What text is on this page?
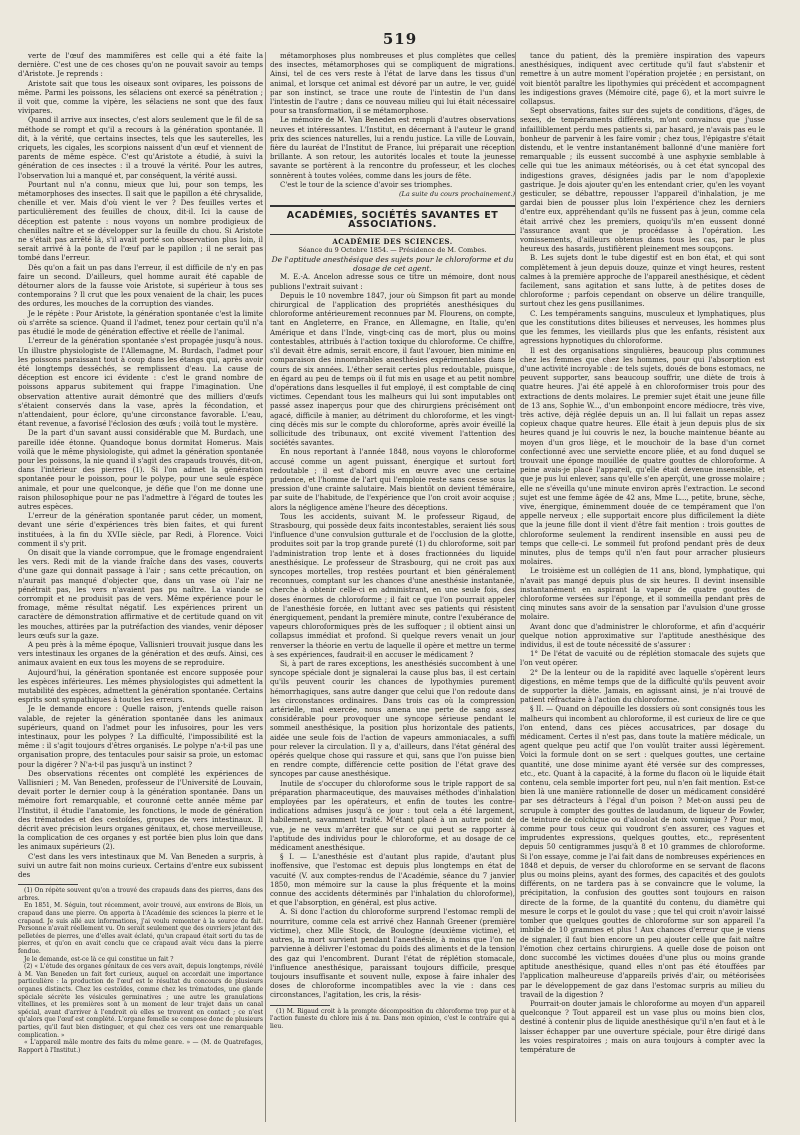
519

verte de l'œuf des mammifères est celle qui a été faite la dernière. C'est une de ces choses qu'on ne pouvait savoir au temps d'Aristote. Je reprends :

Aristote sait que tous les oiseaux sont ovipares, les poissons de même. Parmi les poissons, les sélaciens ont exercé sa pénétration ; il voit que, comme la vipère, les sélaciens ne sont que des faux vivipares.

Quand il arrive aux insectes, c'est alors seulement que le fil de sa méthode se rompt et qu'il a recours à la génération spontanée. Il dit, à la vérité, que certains insectes, tels que les sauterelles, les criquets, les cigales, les scorpions naissent d'un œuf et viennent de parents de même espèce. C'est qu'Aristote a étudié, à suivi la génération de ces insectes : il a trouvé la vérité. Pour les autres, l'observation lui a manqué et, par conséquent, la vérité aussi.

Pourtant nul n'a connu, mieux que lui, pour son temps, les métamorphoses des insectes. Il sait que le papillon a été chrysalide, chenille et ver. Mais d'où vient le ver ? Des feuilles vertes et particulièrement des feuilles de choux, dit-il. Ici la cause de déception est patente : nous voyons un nombre prodigieux de chenilles naître et se développer sur la feuille du chou. Si Aristote ne s'était pas arrêté là, s'il avait porté son observation plus loin, il serait arrivé à la ponte de l'œuf par le papillon ; il ne serait pas tombé dans l'erreur.

Dès qu'on a fait un pas dans l'erreur, il est difficile de n'y en pas faire un second. D'ailleurs, quel homme aurait été capable de détourner alors de la fausse voie Aristote, si supérieur à tous ses contemporains ? Il crut que les poux venaient de la chair, les puces des ordures, les mouches de la corruption des viandes.

Je le répète : Pour Aristote, la génération spontanée c'est la limite où s'arrête sa science. Quand il l'admet, tenez pour certain qu'il n'a pas étudié le mode de génération effective et réelle de l'animal.

L'erreur de la génération spontanée s'est propagée jusqu'à nous. Un illustre physiologiste de l'Allemagne, M. Burdach, l'admet pour les poissons paraissant tout à coup dans les étangs qui, après avoir été longtemps desséchés, se remplissent d'eau. La cause de déception est encore ici évidente : c'est le grand nombre de poissons apparus subitement qui frappe l'imagination. Une observation attentive aurait démontré que des milliers d'œufs s'étaient conservés dans la vase, après la fécondation, et n'attendaient, pour éclore, qu'une circonstance favorable. L'eau, étant revenue, a favorisé l'éclosion des œufs ; voilà tout le mystère.

De la part d'un savant aussi considérable que M. Burdach, une pareille idée étonne. Quandoque bonus dormitat Homerus. Mais voilà que le même physiologiste, qui admet la génération spontanée pour les poissons, la nie quand il s'agit des crapauds trouvés, dit-on, dans l'intérieur des pierres (1). Si l'on admet la génération spontanée pour le poisson, pour le polype, pour une seule espèce animale, et pour une quelconque, je défie que l'on me donne une raison philosophique pour ne pas l'admettre à l'égard de toutes les autres espèces.

L'erreur de la génération spontanée parut céder, un moment, devant une série d'expériences très bien faites, et qui furent instituées, à la fin du XVIIe siècle, par Redi, à Florence. Voici comment il s'y prit.

On disait que la viande corrompue, que le fromage engendraient les vers. Redi mit de la viande fraîche dans des vases, couverts d'une gaze qui donnait passage à l'air ; sans cette précaution, on n'aurait pas manqué d'objecter que, dans un vase où l'air ne pénétrait pas, les vers n'avaient pas pu naître. La viande se corrompit et ne produisit pas de vers. Même expérience pour le fromage, même résultat négatif. Les expériences prirent un caractère de démonstration affirmative et de certitude quand on vit les mouches, attirées par la putréfaction des viandes, venir déposer leurs œufs sur la gaze.

A peu près à la même époque, Vallisnieri trouvait jusque dans les vers intestinaux les organes de la génération et des œufs. Ainsi, ces animaux avaient en eux tous les moyens de se reproduire.

Aujourd'hui, la génération spontanée est encore supposée pour les espèces inférieures. Les mêmes physiologistes qui admettent la mutabilité des espèces, admettent la génération spontanée. Certains esprits sont sympathiques à toutes les erreurs.

Je le demande encore : Quelle raison, j'entends quelle raison valable, de rejeter la génération spontanée dans les animaux supérieurs, quand on l'admet pour les infusoires, pour les vers intestinaux, pour les polypes ? La difficulté, l'impossibilité est la même : il s'agit toujours d'êtres organisés. Le polype n'a-t-il pas une organisation propre, des tentacules pour saisir sa proie, un estomac pour la digérer ? N'a-t-il pas jusqu'à un instinct ?

Des observations récentes ont complété les expériences de Vallisnieri ; M. Van Beneden, professeur de l'Université de Louvain, devait porter le dernier coup à la génération spontanée. Dans un mémoire fort remarquable, et couronné cette année même par l'Institut, il étudie l'anatomie, les fonctions, le mode de génération des trématodes et des cestoïdes, groupes de vers intestinaux. Il décrit avec précision leurs organes génitaux, et, chose merveilleuse, la complication de ces organes y est portée bien plus loin que dans les animaux supérieurs (2).

C'est dans les vers intestinaux que M. Van Beneden a surpris, à suivi un autre fait non moins curieux. Certains d'entre eux subissent des

(1) On répète souvent qu'on a trouvé des crapauds dans des pierres, dans des arbres.

En 1851, M. Séguin, tout récemment, avoir trouvé, aux environs de Blois, un crapaud dans une pierre. On apporta à l'Académie des sciences la pierre et le crapaud. Je suis allé aux informations, j'ai voulu remonter à la source du fait. Personne n'avait réellement vu. On serait seulement que des ouvriers jetant des pelletées de pierres, une d'elles avait éclaté, qu'un crapaud était sorti du tas de pierres, et qu'on en avait conclu que ce crapaud avait vécu dans la pierre fendue.

Je le demande, est-ce là ce qui constitue un fait ?

(2) « L'étude des organes génitaux de ces vers avait, depuis longtemps, révélé à M. Van Beneden un fait fort curieux, auquel on accordait une importance particulière : la production de l'œuf est le résultat du concours de plusieurs organes distincts. Chez les cestoïdes, comme chez les trématodes, une glande spéciale sécrète les vésicules germinatives ; une autre les granulations vitellines, et les premières sont à un moment de leur trajet dans un canal spécial, avant d'arriver à l'endroit où elles se trouvent en contact ; ce n'est qu'alors que l'œuf est complété. L'organe femelle se compose donc de plusieurs parties, qu'il faut bien distinguer, et qui chez ces vers ont une remarquable complication. »

« L'appareil mâle montre des faits du même genre. » — (M. de Quatrefages, Rapport à l'Institut.)

métamorphoses plus nombreuses et plus complètes que celles des insectes, métamorphoses qui se compliquent de migrations. Ainsi, tel de ces vers reste à l'état de larve dans les tissus d'un animal, et lorsque cet animal est dévoré par un autre, le ver, guidé par son instinct, se trace une route de l'intestin de l'un dans l'intestin de l'autre ; dans ce nouveau milieu qui lui était nécessaire pour sa transformation, il se métamorphose.

Le mémoire de M. Van Beneden est rempli d'autres observations neuves et intéressantes. L'Institut, en décernant à l'auteur le grand prix des sciences naturelles, lui a rendu justice. La ville de Louvain, fière du lauréat de l'Institut de France, lui préparait une réception brillante. A son retour, les autorités locales et toute la jeunesse savante se portèrent à la rencontre du professeur, et les cloches sonnèrent à toutes volées, comme dans les jours de fête.

C'est le tour de la science d'avoir ses triomphes.

(La suite du cours prochainement.)

ACADÉMIES, SOCIÉTÉS SAVANTES ET ASSOCIATIONS.

ACADÉMIE DES SCIENCES.

Séance du 9 Octobre 1854. — Présidence de M. Combes.

De l'aptitude anesthésique des sujets pour le chloroforme et du dosage de cet agent.

M. E.-A. Ancelon adresse sous ce titre un mémoire, dont nous publions l'extrait suivant :

Depuis le 10 novembre 1847, jour où Simpson fit part au monde chirurgical de l'application des propriétés anesthésiques du chloroforme antérieurement reconnues par M. Flourens, on compte, tant en Angleterre, en France, en Allemagne, en Italie, qu'en Amérique et dans l'Inde, vingt-cinq cas de mort, plus ou moins contestables, attribués à l'action toxique du chloroforme. Ce chiffre, s'il devait être admis, serait encore, il faut l'avouer, bien minime en comparaison des innombrables anesthésies expérimentales dans le cours de six années. L'éther serait certes plus redoutable, puisque, en égard au peu de temps où il fut mis en usage et au petit nombre d'opérations dans lesquelles il fut employé, il est comptable de cinq victimes. Cependant tous les malheurs qui lui sont imputables ont passé assez inaperçus pour que des chirurgiens précisément ont agacé, difficile à manier, au détriment du chloroforme, et les vingt-cinq décès mis sur le compte du chloroforme, après avoir éveillé la sollicitude des tribunaux, ont excité vivement l'attention des sociétés savantes.

En nous reportant à l'année 1848, nous voyons le chloroforme accusé comme un agent puissant, énergique et surtout fort redoutable ; il est d'abord mis en œuvre avec une certaine prudence, et l'homme de l'art qui l'emploie reste sans cesse sous la pression d'une crainte salutaire. Mais bientôt on devient téméraire, par suite de l'habitude, de l'expérience que l'on croit avoir acquise ; alors la négligence amène l'heure des déceptions.

Tous les accidents, suivant M. le professeur Rigaud, de Strasbourg, qui possède deux faits incontestables, seraient liés sous l'influence d'une convulsion gutturale et de l'occlusion de la glotte, produites soit par la trop grande pureté (1) du chloroforme, soit par l'administration trop lente et à doses fractionnées du liquide anesthésique. Le professeur de Strasbourg, qui ne croit pas aux syncopes mortelles, trop restées pourtant et bien généralement reconnues, comptant sur les chances d'une anesthésie instantanée, cherche à obtenir celle-ci en administrant, en une seule fois, des doses énormes de chloroforme ; il fait ce que l'on pourrait appeler de l'anesthésie forcée, en luttant avec ses patients qui résistent énergiquement, pendant la première minute, contre l'exubérance de vapeurs chloroformiques près de les suffoquer ; il obtient ainsi un collapsus immédiat et profond. Si quelque revers venait un jour renverser la théorie en vertu de laquelle il opère et mettre un terme à ses expériences, faudrait-il en accuser le médicament ?

Si, à part de rares exceptions, les anesthésiés succombent à une syncope spéciale dont je signalerai la cause plus bas, il est certain qu'ils peuvent courir les chances de lypothymies purement hémorrhagiques, sans autre danger que celui que l'on redoute dans les circonstances ordinaires. Dans trois cas où la compression artérielle, mal exercée, nous amena une perte de sang assez considérable pour provoquer une syncope sérieuse pendant le sommeil anesthésique, la position plus horizontale des patients, aidée une seule fois de l'action de vapeurs ammoniacales, a suffi pour relever la circulation. Il y a, d'ailleurs, dans l'état général des opérés quelque chose qui rassure et qui, sans que l'on puisse bien en rendre compte, différencie cette position de l'état grave des syncopes par cause anesthésique.

Inutile de s'occuper du chloroforme sous le triple rapport de sa préparation pharmaceutique, des mauvaises méthodes d'inhalation employées par les opérateurs, et enfin de toutes les contre-indications admises jusqu'à ce jour : tout cela a été largement, habilement, savamment traité. M'étant placé à un autre point de vue, je ne veux m'arrêter que sur ce qui peut se rapporter à l'aptitude des individus pour le chloroforme, et au dosage de ce médicament anesthésique.

§ I. — L'anesthésie est d'autant plus rapide, d'autant plus inoffensive, que l'estomac est depuis plus longtemps en état de vacuité (V. aux comptes-rendus de l'Académie, séance du 7 janvier 1850, mon mémoire sur la cause la plus fréquente et la moins connue des accidents déterminés par l'inhalation du chloroforme), et que l'absorption, en général, est plus active.

A. Si donc l'action du chloroforme surprend l'estomac rempli de nourriture, comme cela est arrivé chez Hannah Greener (première victime), chez Mlle Stock, de Boulogne (deuxième victime), et autres, la mort survient pendant l'anesthésie, à moins que l'on ne parvienne à délivrer l'estomac du poids des aliments et de la tension des gaz qui l'encombrent. Durant l'état de réplétion stomacale, l'influence anesthésique, paraissant toujours difficile, presque toujours insuffisante et souvent nulle, expose à faire inhaler des doses de chloroforme incompatibles avec la vie : dans ces circonstances, l'agitation, les cris, la résis-

(1) M. Rigaud croit à la prompte décomposition du chloroforme trop pur et à l'action funeste du chlore mis à nu. Dans mon opinion, c'est le contraire qui a lieu.

tance du patient, dès la première inspiration des vapeurs anesthésiques, indiquent avec certitude qu'il faut s'abstenir et remettre à un autre moment l'opération projetée ; en persistant, on voit bientôt paraître les lipothymies qui précèdent et accompagnent les indigestions graves (Mémoire cité, page 6), et la mort suivre le collapsus.

Sept observations, faites sur des sujets de conditions, d'âges, de sexes, de tempéraments différents, m'ont convaincu que j'usse infailliblement perdu mes patients si, par hasard, je n'avais pas eu le bonheur de parvenir à les faire vomir ; chez tous, l'épigastre s'était distendu, et le ventre instantanément ballonné d'une manière fort remarquable ; ils eussent succombé à une asphyxie semblable à celle qui tue les animaux météorisés, ou à cet état syncopal des indigestions graves, désignées jadis par le nom d'apoplexie gastrique. Je dois ajouter qu'en les entendant crier, qu'en les voyant gesticuler, se débattre, repousser l'appareil d'inhalation, je me gardai bien de pousser plus loin l'expérience chez les derniers d'entre eux, appréhendant qu'ils ne fussent pas à jeun, comme cela était arrivé chez les premiers, quoiqu'ils m'en eussent donné l'assurance avant que je procédasse à l'opération. Les vomissements, d'ailleurs obtenus dans tous les cas, par le plus heureux des hasards, justifièrent pleinement mes soupçons.

B. Les sujets dont le tube digestif est en bon état, et qui sont complètement à jeun depuis douze, quinze et vingt heures, restent calmes à la première approche de l'appareil anesthésique, et cèdent facilement, sans agitation et sans lutte, à de petites doses de chloroforme ; parfois cependant on observe un délire tranquille, surtout chez les gens pusillanimes.

C. Les tempéraments sanguins, musculeux et lymphatiques, plus que les constitutions dites bilieuses et nerveuses, les hommes plus que les femmes, les vieillards plus que les enfants, résistent aux agressions hypnotiques du chloroforme.

Il est des organisations singulières, beaucoup plus communes chez les femmes que chez les hommes, pour qui l'absorption est d'une activité incroyable : de tels sujets, doués de bons estomacs, ne peuvent supporter, sans beaucoup souffrir, une diète de trois à quatre heures. J'ai été appelé à en chloroformiser trois pour des extractions de dents molaires. Le premier sujet était une jeune fille de 13 ans, Sophie W..., d'un embonpoint encore médiocre, très vive, très active, déjà réglée depuis un an. Il lui fallait un repas assez copieux chaque quatre heures. Elle était à jeun depuis plus de six heures quand je lui couvris le nez, la bouche maintenue béante au moyen d'un gros liège, et le mouchoir de la base d'un cornet confectionné avec une serviette encore pliée, et au fond duquel se trouvait une éponge mouillée de quatre gouttes de chloroforme. A peine avais-je placé l'appareil, qu'elle était devenue insensible, et que je pus lui enlever, sans qu'elle s'en aperçût, une grosse molaire ; elle ne s'éveilla qu'une minute environ après l'extraction. Le second sujet est une femme âgée de 42 ans, Mme L..., petite, brune, sèche, vive, énergique, éminemment douée de ce tempérament que l'on appelle nerveux ; elle supportait encore plus difficilement la diète que la jeune fille dont il vient d'être fait mention : trois gouttes de chloroforme seulement la rendirent insensible en aussi peu de temps que celle-ci. Le sommeil fut profond pendant près de deux minutes, plus de temps qu'il n'en faut pour arracher plusieurs molaires.

Le troisième est un collégien de 11 ans, blond, lymphatique, qui n'avait pas mangé depuis plus de six heures. Il devint insensible instantanément en aspirant la vapeur de quatre gouttes de chloroforme versées sur l'éponge, et il sommeilla pendant près de cinq minutes sans avoir de la sensation par l'avulsion d'une grosse molaire.

Avant donc que d'administrer le chloroforme, et afin d'acquérir quelque notion approximative sur l'aptitude anesthésique des individus, il est de toute nécessité de s'assurer :

1° De l'état de vacuité ou de réplétion stomacale des sujets que l'on veut opérer.

2° De la lenteur ou de la rapidité avec laquelle s'opèrent leurs digestions, en même temps que de la difficulté qu'ils peuvent avoir de supporter la diète. Jamais, en agissant ainsi, je n'ai trouvé de patient réfractaire à l'action du chloroforme.

§ II. — Quand on dépouille les dossiers où sont consignés tous les malheurs qui incombent au chloroforme, il est curieux de lire ce que l'on entend, dans ces pièces accusatrices, par dosage du médicament. Certes il n'est pas, dans toute la matière médicale, un agent quelque peu actif que l'on voulût traiter aussi légèrement. Voici la formule dont on se sert : quelques gouttes, une certaine quantité, une dose minime ayant été versée sur des compresses, etc., etc. Quant à la capacité, à la forme du flacon où le liquide était contenu, cela semble importer fort peu, nul n'en fait mention. Est-ce bien là une manière rationnelle de doser un médicament considéré par ses détracteurs à l'égal d'un poison ? Met-on aussi peu de scrupule à compter des gouttes de laudanum, de liqueur de Fowler, de teinture de colchique ou d'alcoolat de noix vomique ? Pour moi, comme pour tous ceux qui voudront s'en assurer, ces vagues et imprudentes expressions, quelques gouttes, etc., représentent depuis 50 centigrammes jusqu'à 8 et 10 grammes de chloroforme. Si l'on essaye, comme je l'ai fait dans de nombreuses expériences en 1848 et depuis, de verser du chloroforme en se servant de flacons plus ou moins pleins, ayant des formes, des capacités et des goulots différents, on ne tardera pas à se convaincre que le volume, la précipitation, la confusion des gouttes sont toujours en raison directe de la forme, de la quantité du contenu, du diamètre qui mesure le corps et le goulot du vase ; que tel qui croit n'avoir laissé tomber que quelques gouttes de chloroforme sur son appareil l'a imbibé de 10 grammes et plus ! Aux chances d'erreur que je viens de signaler, il faut bien encore un peu ajouter celle que fait naître l'émotion chez certains chirurgiens. A quelle dose de poison ont donc succombé les victimes douées d'une plus ou moins grande aptitude anesthésique, quand elles n'ont pas été étouffées par l'application malheureuse d'appareils privés d'air, ou météorisées par le développement de gaz dans l'estomac surpris au milieu du travail de la digestion ?

Pourrait-on douter jamais le chloroforme au moyen d'un appareil quelconque ? Tout appareil est un vase plus ou moins bien clos, destiné à contenir plus de liquide anesthésique qu'il n'en faut et à le laisser échapper par une ouverture spéciale, pour être dirigé dans les voies respiratoires ; mais on aura toujours à compter avec la température de
